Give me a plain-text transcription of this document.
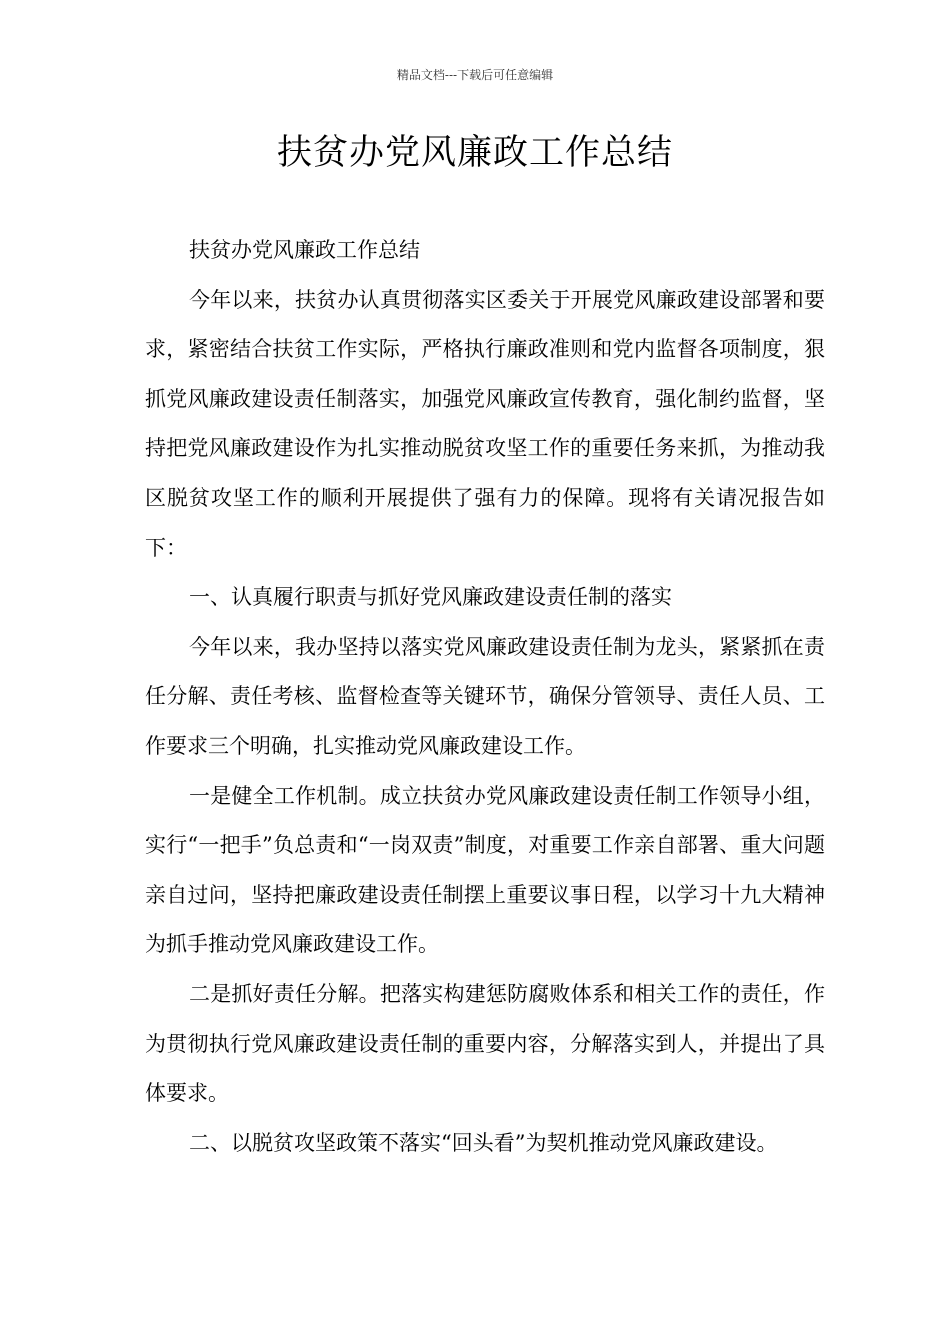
精品文档---下载后可任意编辑
扶贫办党风廉政工作总结

扶贫办党风廉政工作总结

今年以来，扶贫办认真贯彻落实区委关于开展党风廉政建设部署和要求，紧密结合扶贫工作实际，严格执行廉政准则和党内监督各项制度，狠抓党风廉政建设责任制落实，加强党风廉政宣传教育，强化制约监督，坚持把党风廉政建设作为扎实推动脱贫攻坚工作的重要任务来抓，为推动我区脱贫攻坚工作的顺利开展提供了强有力的保障。现将有关请况报告如下：

一、认真履行职责与抓好党风廉政建设责任制的落实

今年以来，我办坚持以落实党风廉政建设责任制为龙头，紧紧抓在责任分解、责任考核、监督检查等关键环节，确保分管领导、责任人员、工作要求三个明确，扎实推动党风廉政建设工作。

一是健全工作机制。成立扶贫办党风廉政建设责任制工作领导小组，实行“一把手”负总责和“一岗双责”制度，对重要工作亲自部署、重大问题亲自过问，坚持把廉政建设责任制摆上重要议事日程，以学习十九大精神为抓手推动党风廉政建设工作。

二是抓好责任分解。把落实构建惩防腐败体系和相关工作的责任，作为贯彻执行党风廉政建设责任制的重要内容，分解落实到人，并提出了具体要求。

二、以脱贫攻坚政策不落实“回头看”为契机推动党风廉政建设。
